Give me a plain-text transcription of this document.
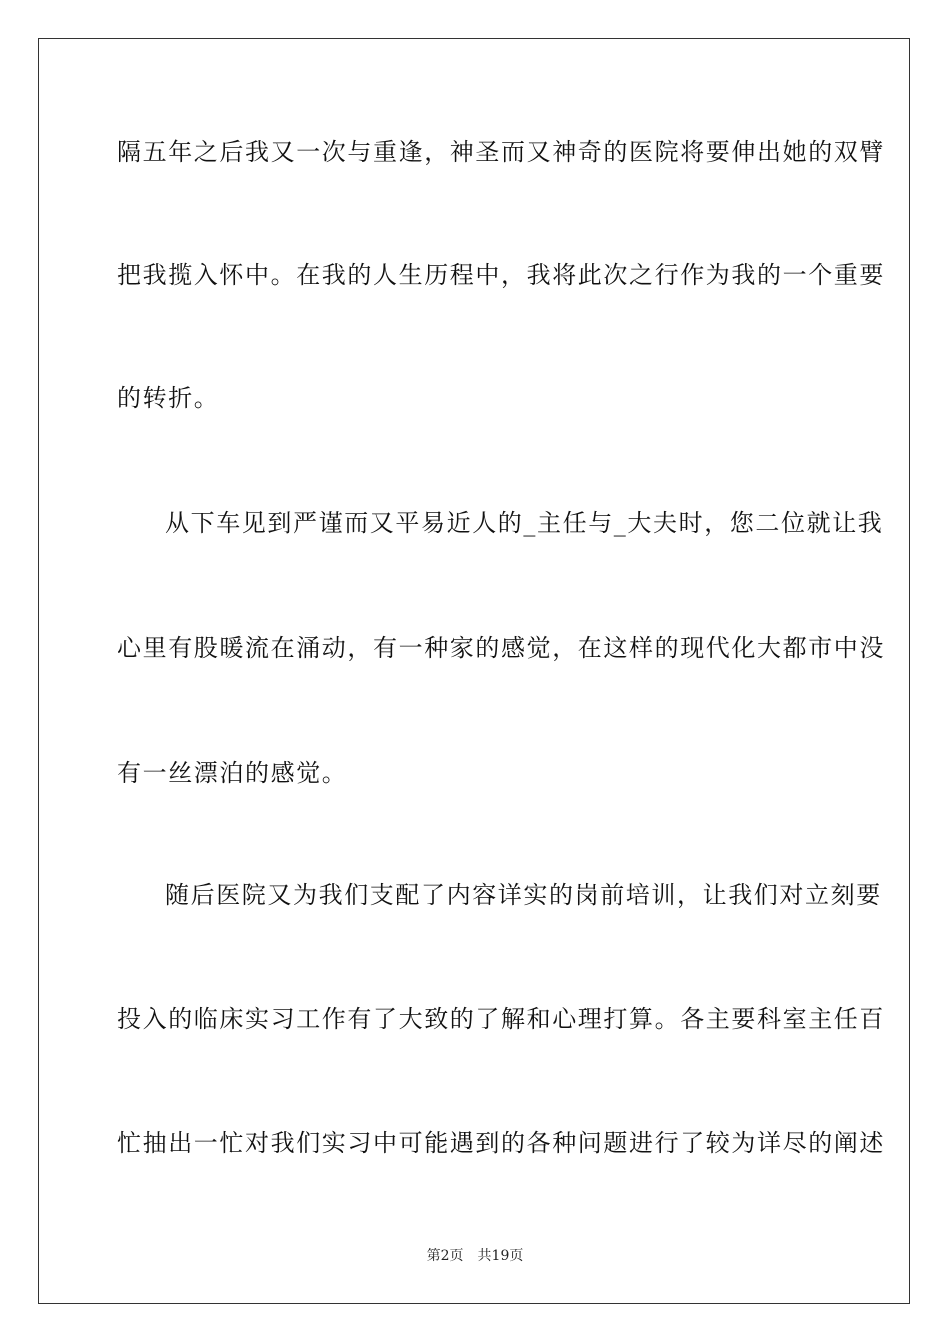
隔五年之后我又一次与重逢，神圣而又神奇的医院将要伸出她的双臂
把我揽入怀中。在我的人生历程中，我将此次之行作为我的一个重要
的转折。
从下车见到严谨而又平易近人的_主任与_大夫时，您二位就让我
心里有股暖流在涌动，有一种家的感觉，在这样的现代化大都市中没
有一丝漂泊的感觉。
随后医院又为我们支配了内容详实的岗前培训，让我们对立刻要
投入的临床实习工作有了大致的了解和心理打算。各主要科室主任百
忙抽出一忙对我们实习中可能遇到的各种问题进行了较为详尽的阐述
第2页 共19页
